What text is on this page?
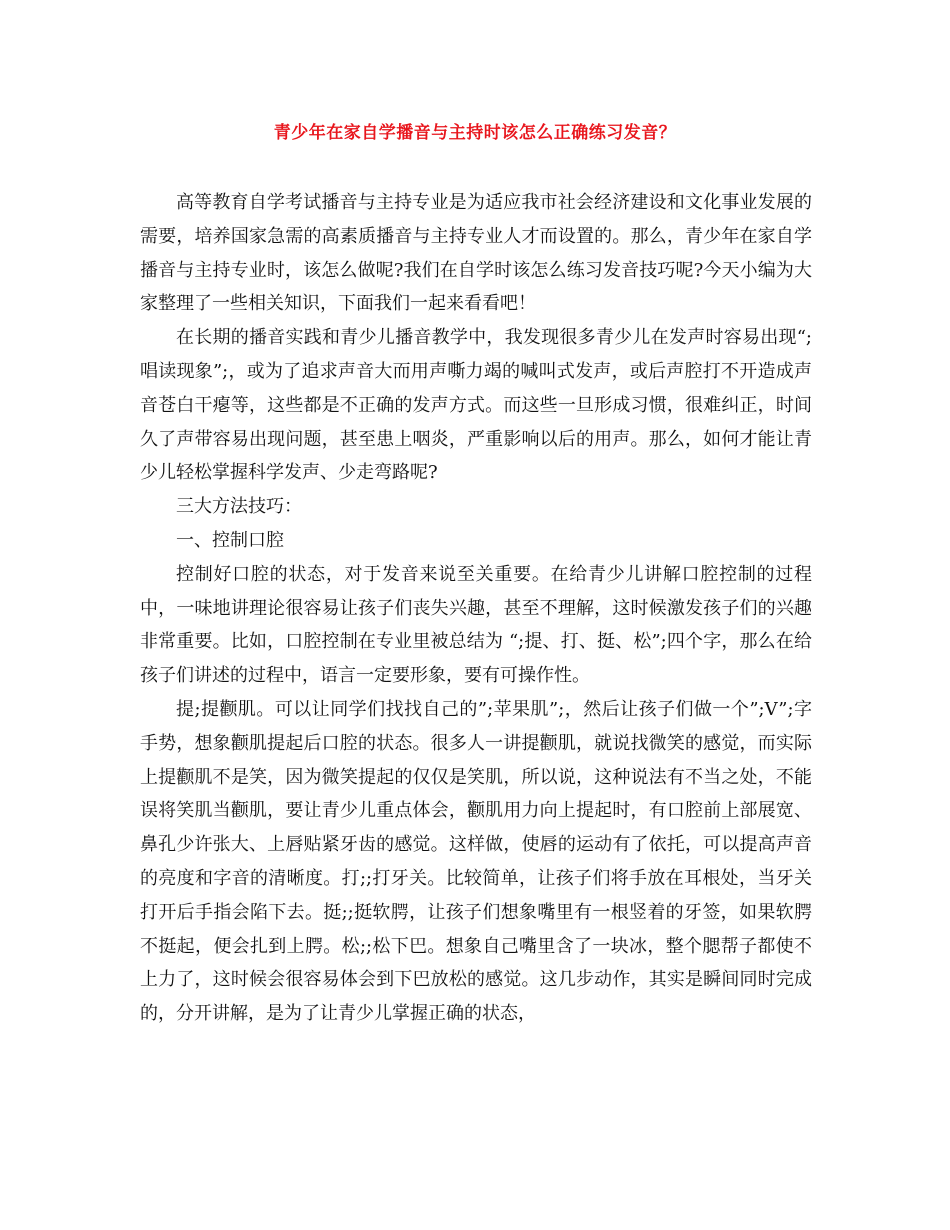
青少年在家自学播音与主持时该怎么正确练习发音？

高等教育自学考试播音与主持专业是为适应我市社会经济建设和文化事业发展的需要，培养国家急需的高素质播音与主持专业人才而设置的。那么，青少年在家自学播音与主持专业时，该怎么做呢?我们在自学时该怎么练习发音技巧呢?今天小编为大家整理了一些相关知识，下面我们一起来看看吧！

在长期的播音实践和青少儿播音教学中，我发现很多青少儿在发声时容易出现“;唱读现象”;，或为了追求声音大而用声嘶力竭的喊叫式发声，或后声腔打不开造成声音苍白干瘪等，这些都是不正确的发声方式。而这些一旦形成习惯，很难纠正，时间久了声带容易出现问题，甚至患上咽炎，严重影响以后的用声。那么，如何才能让青少儿轻松掌握科学发声、少走弯路呢?

三大方法技巧：

一、控制口腔

控制好口腔的状态，对于发音来说至关重要。在给青少儿讲解口腔控制的过程中，一味地讲理论很容易让孩子们丧失兴趣，甚至不理解，这时候激发孩子们的兴趣非常重要。比如，口腔控制在专业里被总结为 “;提、打、挺、松”;四个字，那么在给孩子们讲述的过程中，语言一定要形象，要有可操作性。

提;提颧肌。可以让同学们找找自己的”;苹果肌”;，然后让孩子们做一个”;V”;字手势，想象颧肌提起后口腔的状态。很多人一讲提颧肌，就说找微笑的感觉，而实际上提颧肌不是笑，因为微笑提起的仅仅是笑肌，所以说，这种说法有不当之处，不能误将笑肌当颧肌，要让青少儿重点体会，颧肌用力向上提起时，有口腔前上部展宽、鼻孔少许张大、上唇贴紧牙齿的感觉。这样做，使唇的运动有了依托，可以提高声音的亮度和字音的清晰度。打;;打牙关。比较简单，让孩子们将手放在耳根处，当牙关打开后手指会陷下去。挺;;挺软腭，让孩子们想象嘴里有一根竖着的牙签，如果软腭不挺起，便会扎到上腭。松;;松下巴。想象自己嘴里含了一块冰，整个腮帮子都使不上力了，这时候会很容易体会到下巴放松的感觉。这几步动作，其实是瞬间同时完成的，分开讲解，是为了让青少儿掌握正确的状态，
